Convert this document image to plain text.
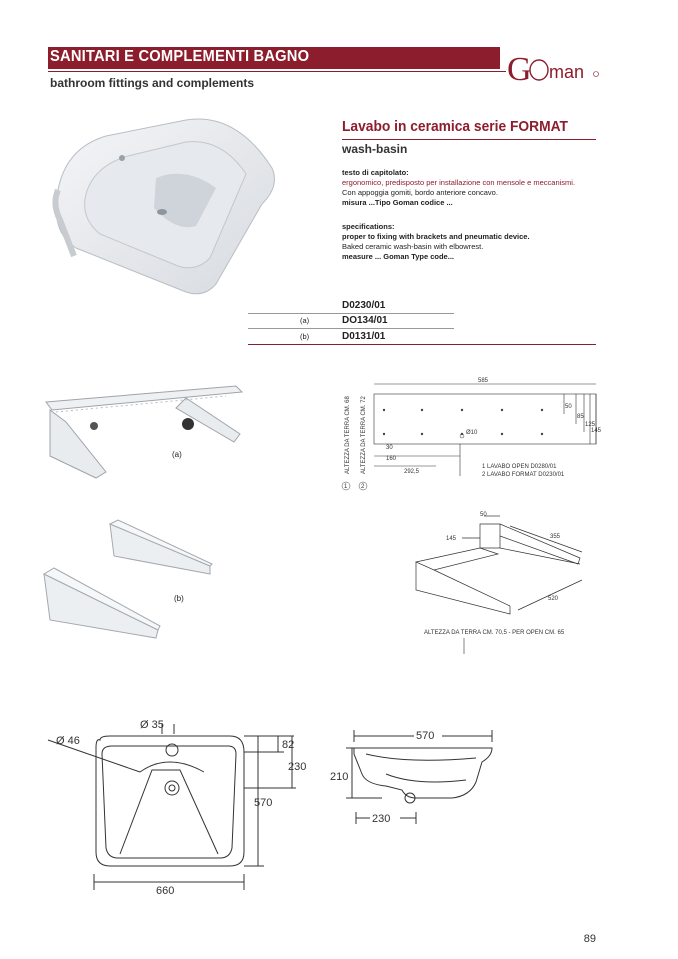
SANITARI E COMPLEMENTI BAGNO
bathroom fittings and complements	G man
Lavabo in ceramica serie FORMAT
wash-basin
testo di capitolato:
ergonomico, predisposto per installazione con mensole e meccanismi.
Con appoggia gomiti, bordo anteriore concavo.
misura ...Tipo Goman codice ...
specifications:
proper to fixing with brackets and pneumatic device.
Baked ceramic wash-basin with elbowrest.
measure ... Goman Type code...
D0230/01
(a)	DO134/01
(b)	D0131/01
(a)
(b)
585
50
85
125
145
Ø10
30
160
292,5
1 LAVABO OPEN D0280/01
2 LAVABO FORMAT D0230/01
ALTEZZA DA TERRA CM. 68 ALTEZZA DA TERRA CM. 72
1 2
50
145	355
520
ALTEZZA DA TERRA CM. 70,5 - PER OPEN CM. 65
Ø 46
Ø 35
82
230
570
660
570
210
230
89
